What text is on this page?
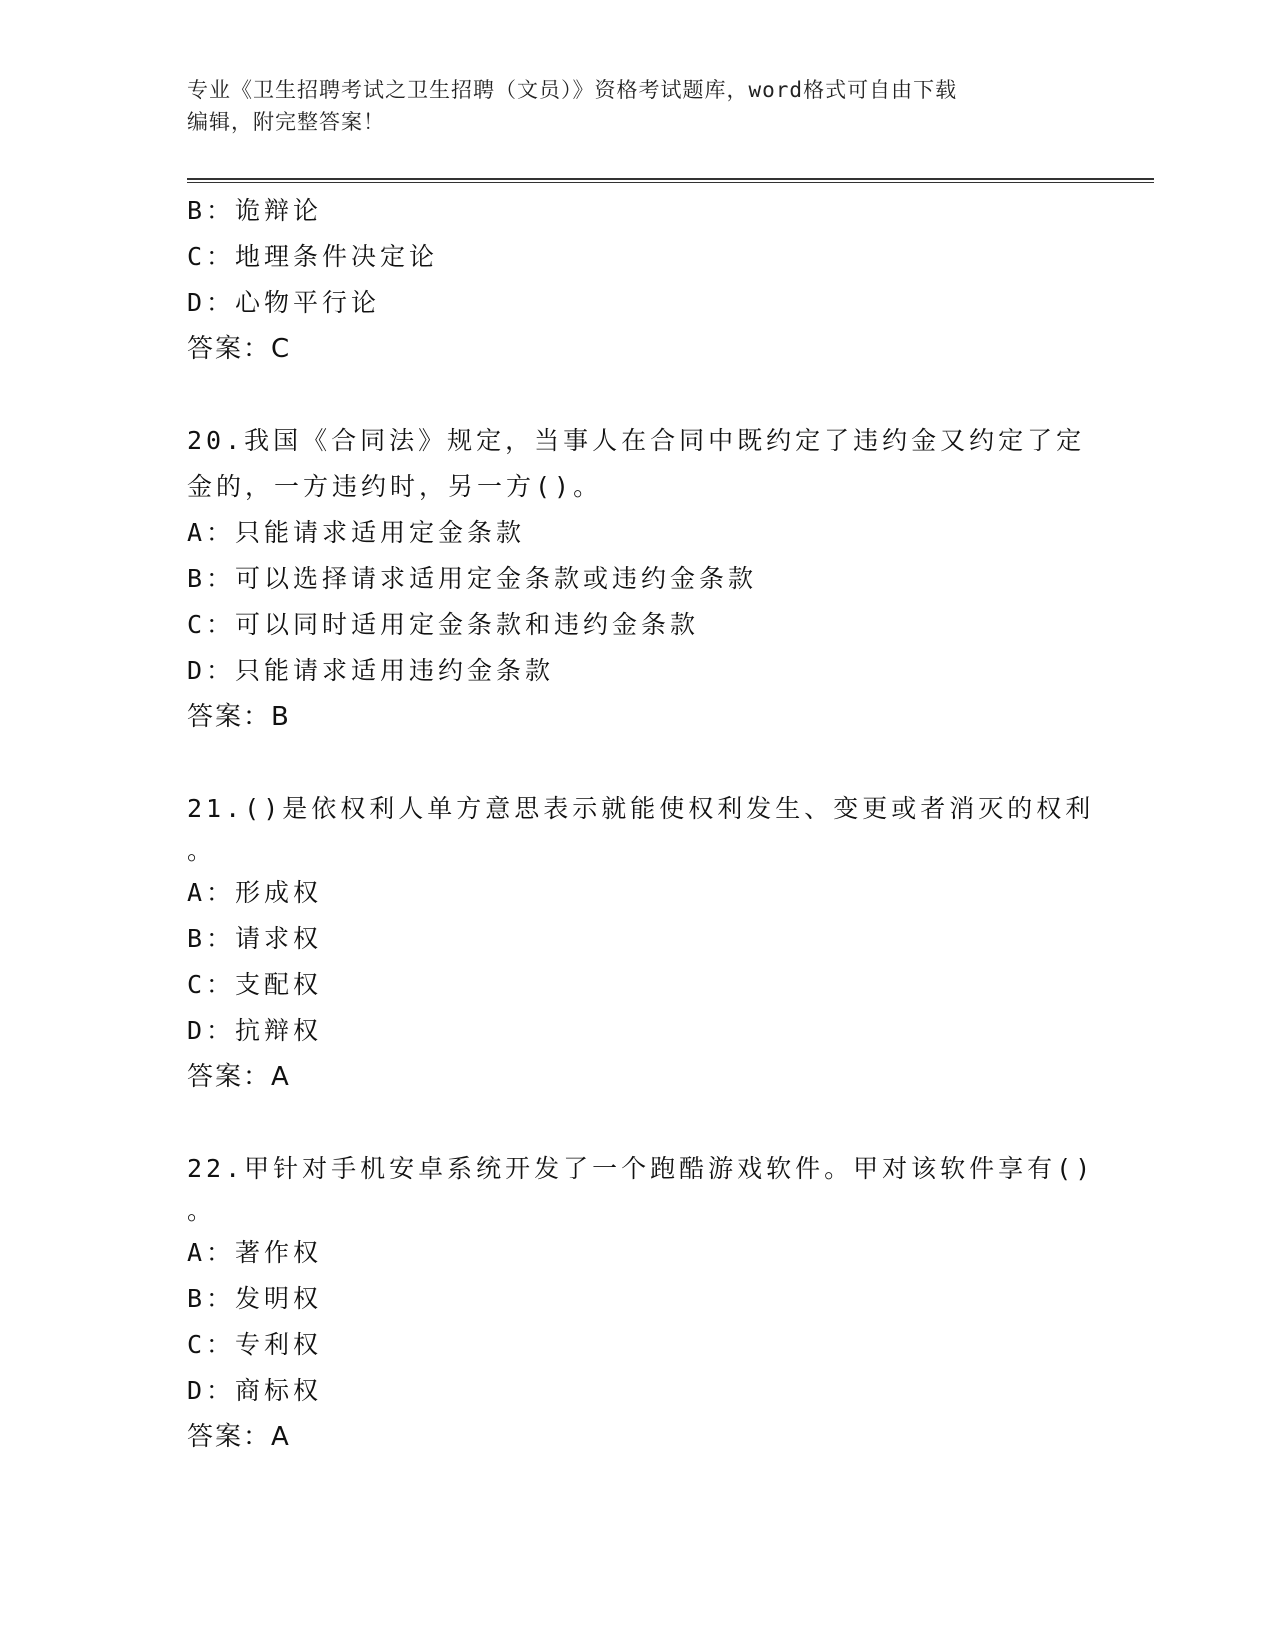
专业《卫生招聘考试之卫生招聘（文员）》资格考试题库，word格式可自由下载
编辑，附完整答案！
B：诡辩论
C：地理条件决定论
D：心物平行论
答案：C
20.我国《合同法》规定，当事人在合同中既约定了违约金又约定了定
金的，一方违约时，另一方()。
A：只能请求适用定金条款
B：可以选择请求适用定金条款或违约金条款
C：可以同时适用定金条款和违约金条款
D：只能请求适用违约金条款
答案：B
21.()是依权利人单方意思表示就能使权利发生、变更或者消灭的权利
。
A：形成权
B：请求权
C：支配权
D：抗辩权
答案：A
22.甲针对手机安卓系统开发了一个跑酷游戏软件。甲对该软件享有()
。
A：著作权
B：发明权
C：专利权
D：商标权
答案：A
